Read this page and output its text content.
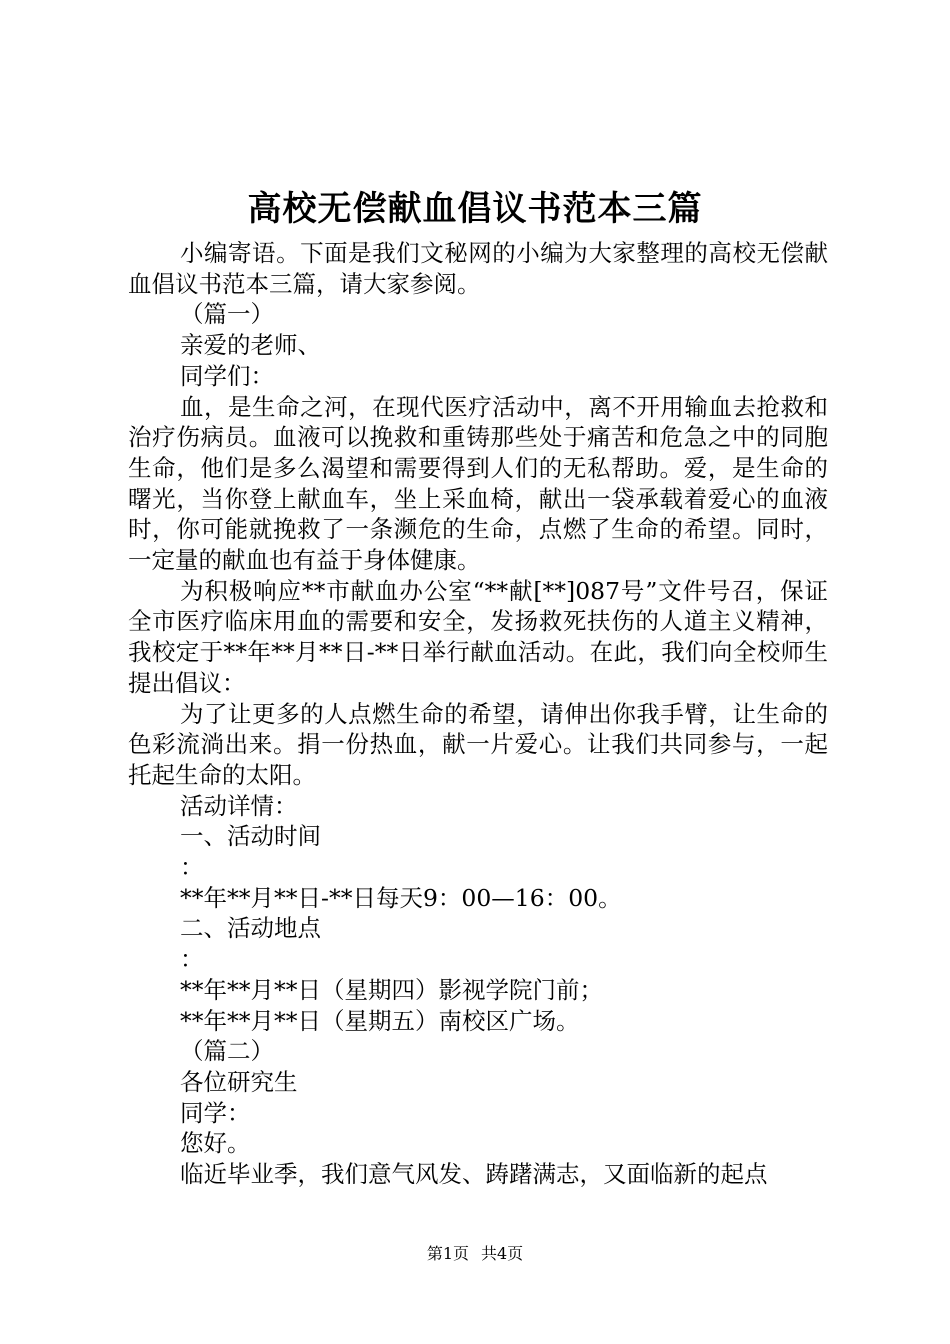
高校无偿献血倡议书范本三篇

小编寄语。下面是我们文秘网的小编为大家整理的高校无偿献血倡议书范本三篇，请大家参阅。

（篇一）

亲爱的老师、

同学们：

血，是生命之河，在现代医疗活动中，离不开用输血去抢救和治疗伤病员。血液可以挽救和重铸那些处于痛苦和危急之中的同胞生命，他们是多么渴望和需要得到人们的无私帮助。爱，是生命的曙光，当你登上献血车，坐上采血椅，献出一袋承载着爱心的血液时，你可能就挽救了一条濒危的生命，点燃了生命的希望。同时，一定量的献血也有益于身体健康。

为积极响应**市献血办公室“**献[**]087号”文件号召，保证全市医疗临床用血的需要和安全，发扬救死扶伤的人道主义精神，我校定于**年**月**日-**日举行献血活动。在此，我们向全校师生提出倡议：

为了让更多的人点燃生命的希望，请伸出你我手臂，让生命的色彩流淌出来。捐一份热血，献一片爱心。让我们共同参与，一起托起生命的太阳。

活动详情：

一、活动时间

：

**年**月**日-**日每天9：00—16：00。

二、活动地点

：

**年**月**日（星期四）影视学院门前；

**年**月**日（星期五）南校区广场。

（篇二）

各位研究生

同学：

您好。

临近毕业季，我们意气风发、踌躇满志，又面临新的起点

第1页 共4页
